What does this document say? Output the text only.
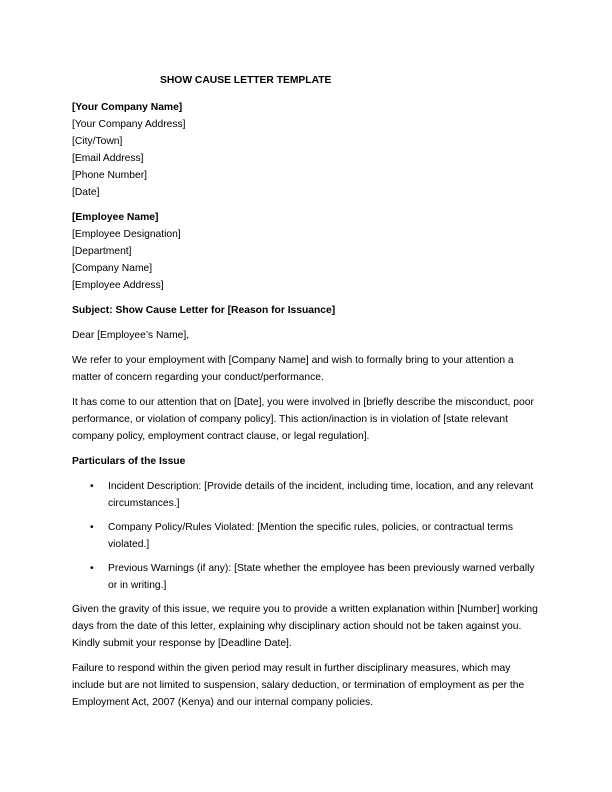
SHOW CAUSE LETTER TEMPLATE
[Your Company Name]
[Your Company Address]
[City/Town]
[Email Address]
[Phone Number]
[Date]
[Employee Name]
[Employee Designation]
[Department]
[Company Name]
[Employee Address]

Subject: Show Cause Letter for [Reason for Issuance]

Dear [Employee’s Name],

We refer to your employment with [Company Name] and wish to formally bring to your attention a matter of concern regarding your conduct/performance.

It has come to our attention that on [Date], you were involved in [briefly describe the misconduct, poor performance, or violation of company policy]. This action/inaction is in violation of [state relevant company policy, employment contract clause, or legal regulation].

Particulars of the Issue

• Incident Description: [Provide details of the incident, including time, location, and any relevant circumstances.]
• Company Policy/Rules Violated: [Mention the specific rules, policies, or contractual terms violated.]
• Previous Warnings (if any): [State whether the employee has been previously warned verbally or in writing.]

Given the gravity of this issue, we require you to provide a written explanation within [Number] working days from the date of this letter, explaining why disciplinary action should not be taken against you. Kindly submit your response by [Deadline Date].

Failure to respond within the given period may result in further disciplinary measures, which may include but are not limited to suspension, salary deduction, or termination of employment as per the Employment Act, 2007 (Kenya) and our internal company policies.
